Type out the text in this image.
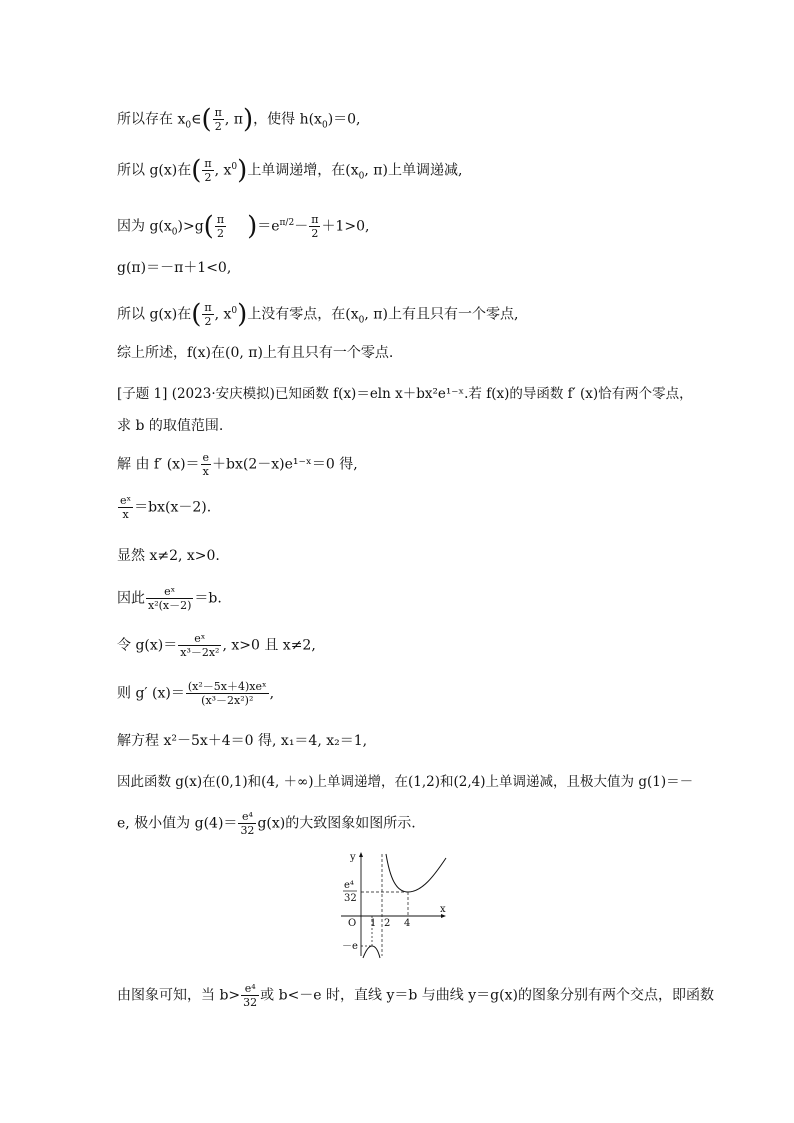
所以存在 $x_0\in( \frac{\pi}{2}$ , π)，使得 $h(x_0)=0$,
所以 g(x)在( $\frac{\pi}{2}$ , $x^0$)上单调递增，在($x_0$, π)上单调递减,
因为 $g(x_0)>g( \frac{\pi}{2} )=e^{\pi/2}- \frac{\pi}{2} +1>0$,
g(π)＝－π＋1<0,
所以 g(x)在( $\frac{\pi}{2}$ , $x^0$)上没有零点，在($x_0$, π)上有且只有一个零点,
综上所述，f(x)在(0, π)上有且只有一个零点.
[子题 1] (2023·安庆模拟)已知函数 f(x)＝eln x＋bx²e¹⁻ˣ.若 f(x)的导函数 f′ (x)恰有两个零点，
求 b 的取值范围.
解 由 f′ $(x)= \frac{e}{x}$ ＋bx(2－x)e¹⁻ˣ＝0 得,
$\frac{\text{eˣ}}{x} =bx(x-2)$.
显然 x≠2, x>0.
因此 $\frac{\text{eˣ}}{\text{x²(x－2)}} =b$.
令 $g(x)= \frac{\text{eˣ}}{\text{x³－2x²}}$ , x>0 且 x≠2,
则 g′ $(x)= \frac{\text{(x²－5x＋4)xeˣ}}{\text{(x³－2x²)²}}$ ,
解方程 x²－5x＋4＝0 得, x₁＝4, x₂＝1,
因此函数 g(x)在(0,1)和(4, ＋∞)上单调递增，在(1,2)和(2,4)上单调递减，且极大值为 g(1)＝－
e, 极小值为 $g(4)= \frac{\text{e⁴}}{32} g(x)$的大致图象如图所示.
y
x
O
e⁴
32
－e
1 2 4
由图象可知，当 $b> \frac{\text{e⁴}}{32}$ 或 b<－e 时，直线 y＝b 与曲线 y＝g(x)的图象分别有两个交点，即函数
